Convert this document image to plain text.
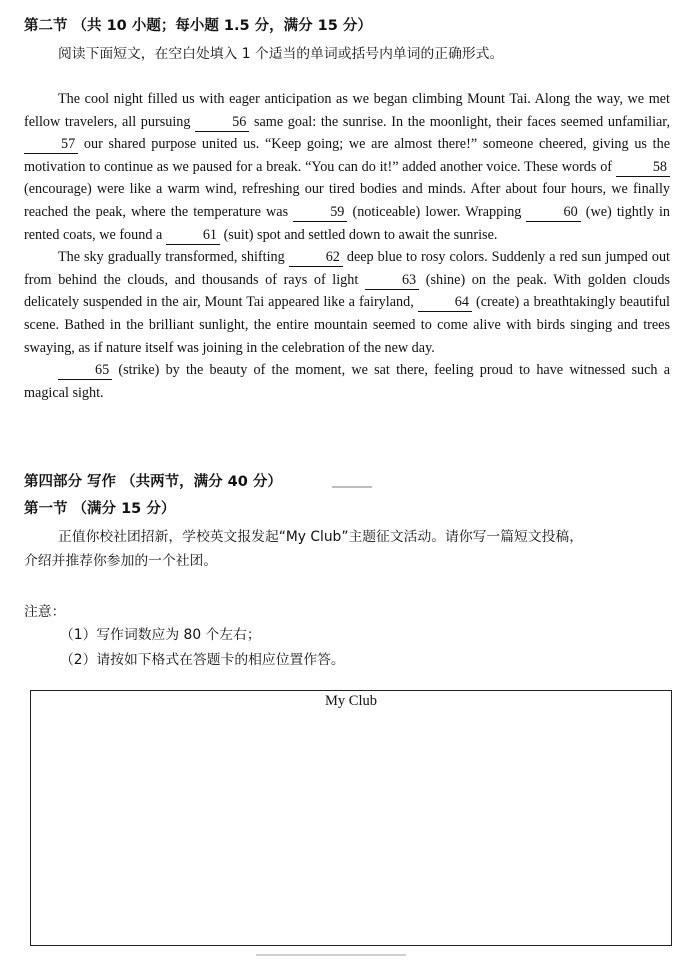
第二节 （共 10 小题；每小题 1.5 分，满分 15 分）
阅读下面短文，在空白处填入 1 个适当的单词或括号内单词的正确形式。

The cool night filled us with eager anticipation as we began climbing Mount Tai. Along the way, we met fellow travelers, all pursuing	56 same goal: the sunrise. In the moonlight, their faces seemed unfamiliar, 57 our shared purpose united us. “Keep going; we are almost there!” someone cheered, giving us the motivation to continue as we paused for a break. “You can do it!” added another voice. These words of	58 (encourage) were like a warm wind, refreshing our tired bodies and minds. After about four hours, we finally reached the peak, where the temperature was	59 (noticeable) lower. Wrapping	60 (we) tightly in rented coats, we found a	61 (suit) spot and settled down to await the sunrise.

The sky gradually transformed, shifting	62 deep blue to rosy colors. Suddenly a red sun jumped out from behind the clouds, and thousands of rays of light	63 (shine) on the peak. With golden clouds delicately suspended in the air, Mount Tai appeared like a fairyland,	64 (create) a breathtakingly beautiful scene. Bathed in the brilliant sunlight, the entire mountain seemed to come alive with birds singing and trees swaying, as if nature itself was joining in the celebration of the new day.

65 (strike) by the beauty of the moment, we sat there, feeling proud to have witnessed such a magical sight.

第四部分 写作 （共两节，满分 40 分）
第一节 （满分 15 分）
正值你校社团招新，学校英文报发起“My Club”主题征文活动。请你写一篇短文投稿，
介绍并推荐你参加的一个社团。
注意：
（1）写作词数应为 80 个左右；
（2）请按如下格式在答题卡的相应位置作答。
My Club
